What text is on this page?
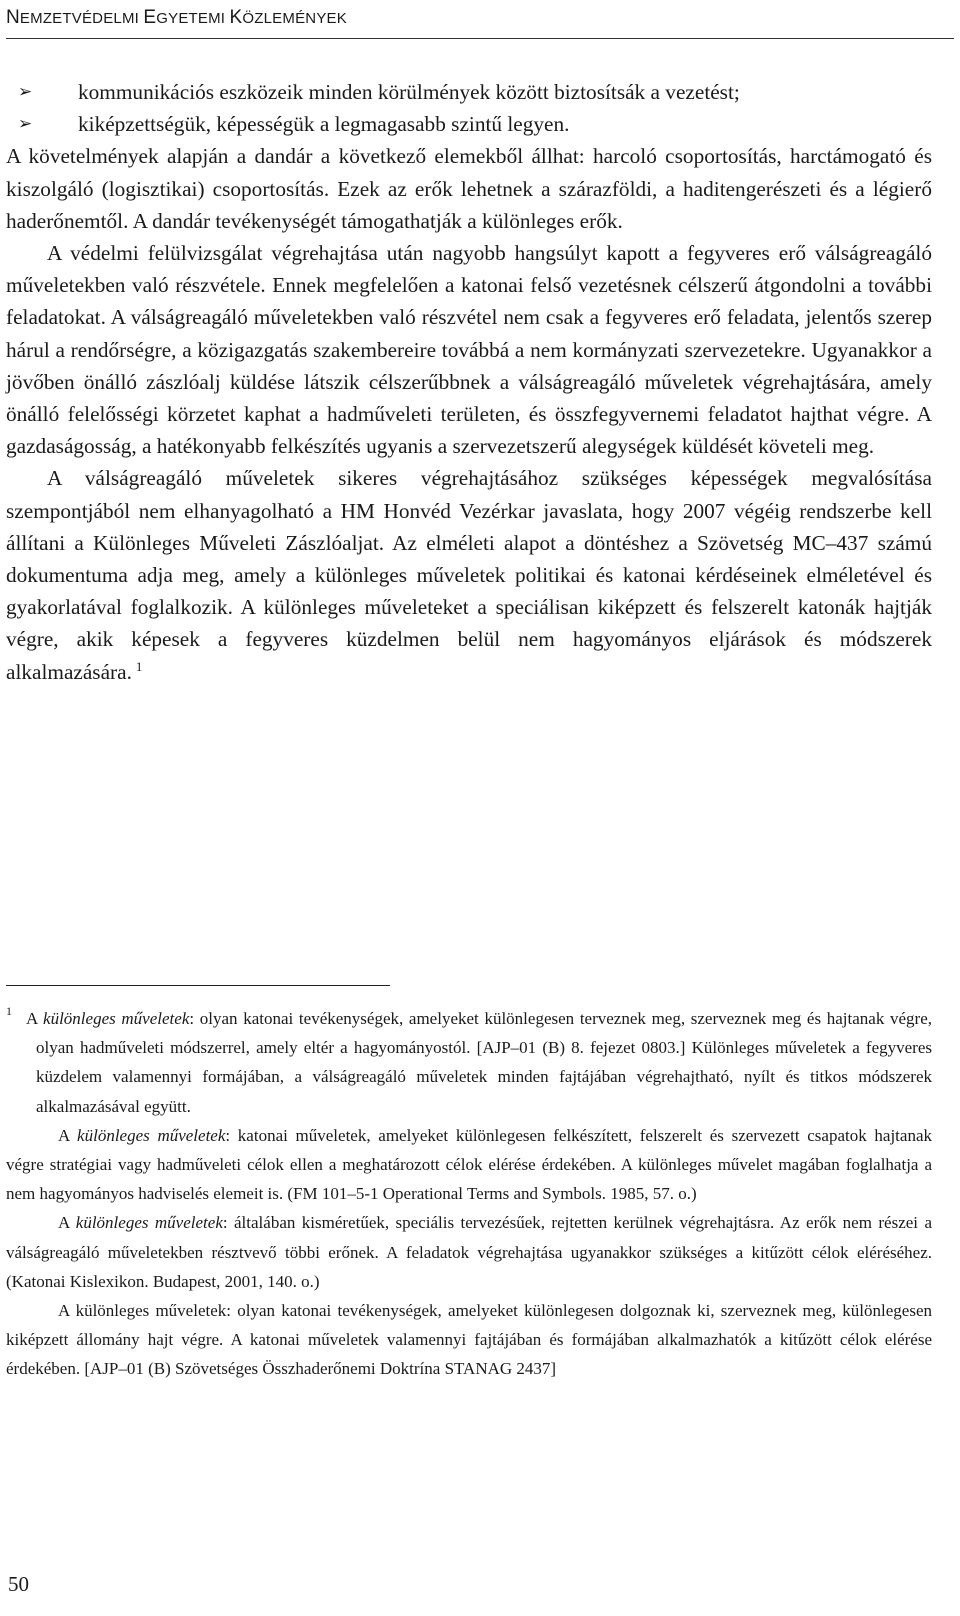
NEMZETVÉDELMI EGYETEMI KÖZLEMÉNYEK
➢ kommunikációs eszközeik minden körülmények között biztosítsák a vezetést;
➢ kiképzettségük, képességük a legmagasabb szintű legyen.

A követelmények alapján a dandár a következő elemekből állhat: harcoló csoportosítás, harctámogató és kiszolgáló (logisztikai) csoportosítás. Ezek az erők lehetnek a szárazföldi, a haditengerészeti és a légierő haderőnemtől. A dandár tevékenységét támogathatják a különleges erők.

A védelmi felülvizsgálat végrehajtása után nagyobb hangsúlyt kapott a fegyveres erő válságreagáló műveletekben való részvétele. Ennek megfelelően a katonai felső vezetésnek célszerű átgondolni a további feladatokat. A válságreagáló műveletekben való részvétel nem csak a fegyveres erő feladata, jelentős szerep hárul a rendőrségre, a közigazgatás szakembereire továbbá a nem kormányzati szervezetekre. Ugyanakkor a jövőben önálló zászlóalj küldése látszik célszerűbbnek a válságreagáló műveletek végrehajtására, amely önálló felelősségi körzetet kaphat a hadműveleti területen, és összfegyvernemi feladatot hajthat végre. A gazdaságosság, a hatékonyabb felkészítés ugyanis a szervezetszerű alegységek küldését követeli meg.

A válságreagáló műveletek sikeres végrehajtásához szükséges képességek megvalósítása szempontjából nem elhanyagolható a HM Honvéd Vezérkar javaslata, hogy 2007 végéig rendszerbe kell állítani a Különleges Műveleti Zászlóaljat. Az elméleti alapot a döntéshez a Szövetség MC–437 számú dokumentuma adja meg, amely a különleges műveletek politikai és katonai kérdéseinek elméletével és gyakorlatával foglalkozik. A különleges műveleteket a speciálisan kiképzett és felszerelt katonák hajtják végre, akik képesek a fegyveres küzdelmen belül nem hagyományos eljárások és módszerek alkalmazására. $^1$

1 A különleges műveletek: olyan katonai tevékenységek, amelyeket különlegesen terveznek meg, szerveznek meg és hajtanak végre, olyan hadműveleti módszerrel, amely eltér a hagyományostól. [AJP–01 (B) 8. fejezet 0803.] Különleges műveletek a fegyveres küzdelem valamennyi formájában, a válságreagáló műveletek minden fajtájában végrehajtható, nyílt és titkos módszerek alkalmazásával együtt.

A különleges műveletek: katonai műveletek, amelyeket különlegesen felkészített, felszerelt és szervezett csapatok hajtanak végre stratégiai vagy hadműveleti célok ellen a meghatározott célok elérése érdekében. A különleges művelet magában foglalhatja a nem hagyományos hadviselés elemeit is. (FM 101–5-1 Operational Terms and Symbols. 1985, 57. o.)

A különleges műveletek: általában kisméretűek, speciális tervezésűek, rejtetten kerülnek végrehajtásra. Az erők nem részei a válságreagáló műveletekben résztvevő többi erőnek. A feladatok végrehajtása ugyanakkor szükséges a kitűzött célok eléréséhez. (Katonai Kislexikon. Budapest, 2001, 140. o.)

A különleges műveletek: olyan katonai tevékenységek, amelyeket különlegesen dolgoznak ki, szerveznek meg, különlegesen kiképzett állomány hajt végre. A katonai műveletek valamennyi fajtájában és formájában alkalmazhatók a kitűzött célok elérése érdekében. [AJP–01 (B) Szövetséges Összhaderőnemi Doktrína STANAG 2437]

50
